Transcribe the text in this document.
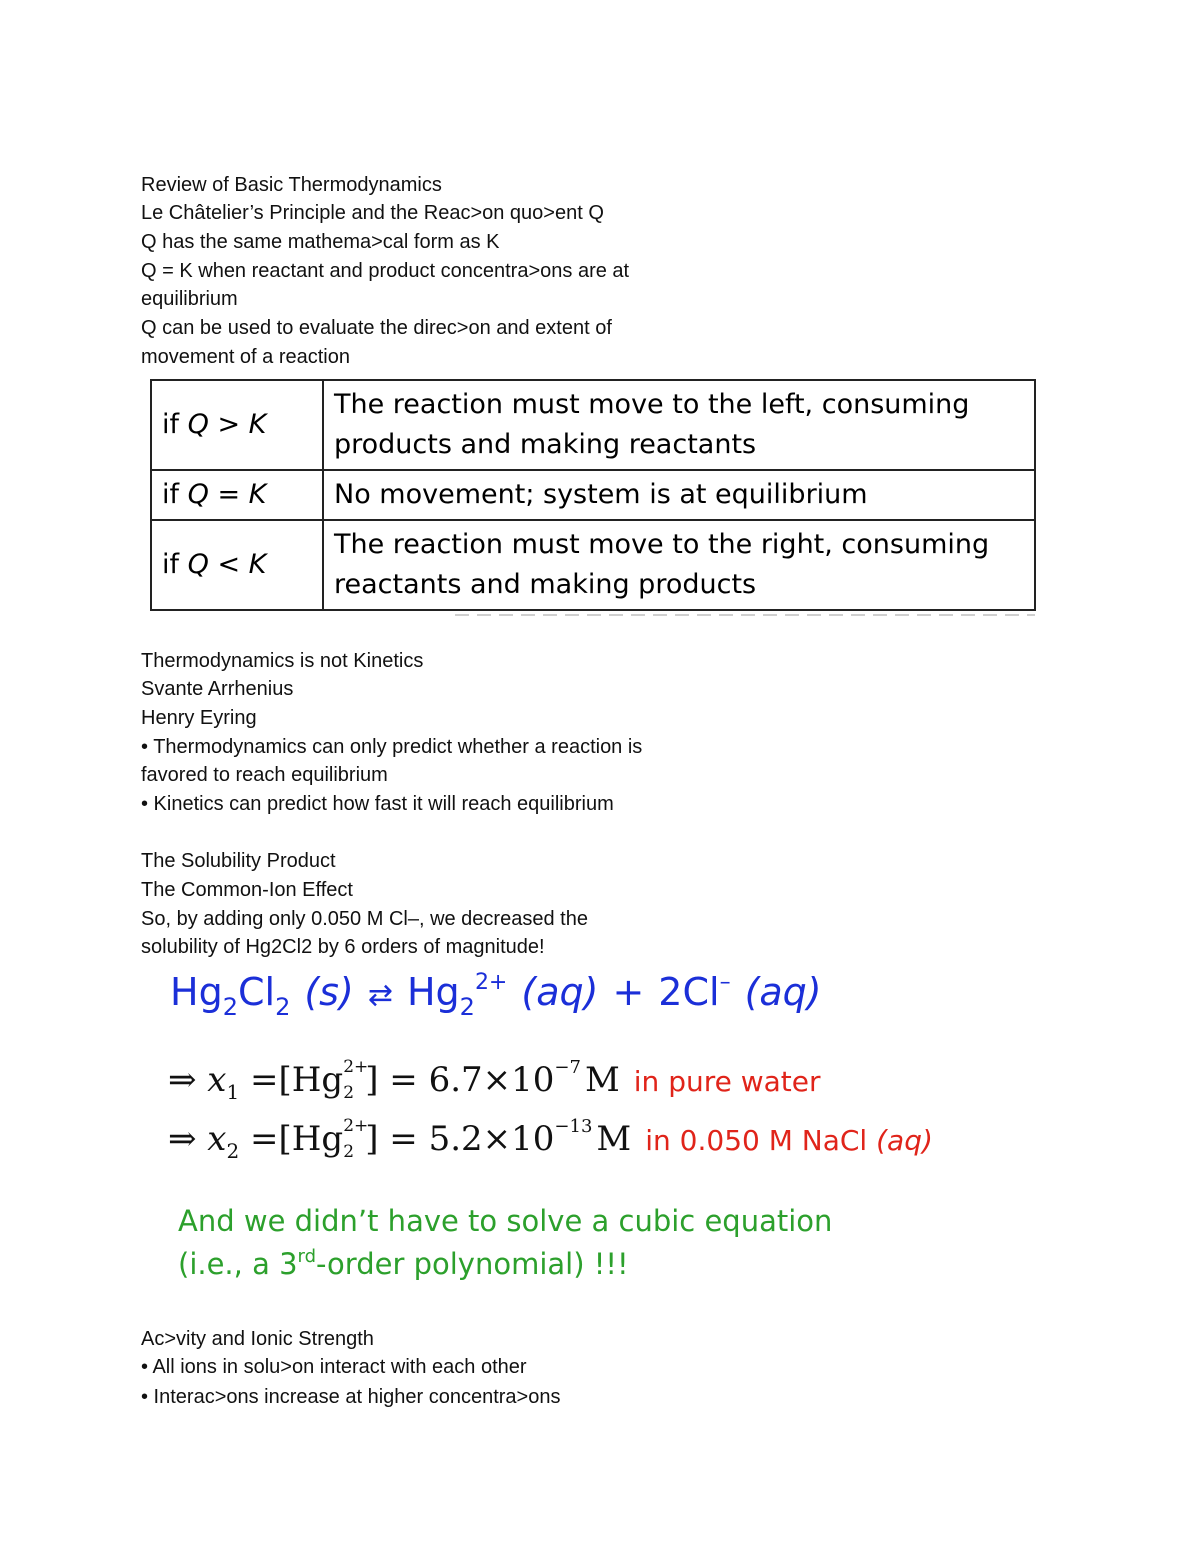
Review of Basic Thermodynamics
Le Châtelier’s Principle and the Reac>on quo>ent Q
Q has the same mathema>cal form as K
Q = K when reactant and product concentra>ons are at
equilibrium
Q can be used to evaluate the direc>on and extent of
movement of a reaction
if Q > K	The reaction must move to the left, consuming
products and making reactants

if Q = K	No movement; system is at equilibrium

if Q < K	The reaction must move to the right, consuming
reactants and making products
Thermodynamics is not Kinetics
Svante Arrhenius
Henry Eyring
• Thermodynamics can only predict whether a reaction is
favored to reach equilibrium
• Kinetics can predict how fast it will reach equilibrium
The Solubility Product
The Common-Ion Effect
So, by adding only 0.050 M Cl–, we decreased the
solubility of Hg2Cl2 by 6 orders of magnitude!
$Hg_2Cl_2$ (s) ⇄ $Hg_2^{2+}$ (aq) + 2Cl– (aq)
⇒ $x_1 =[Hg$ 2+
2 ] = $6.7\times 10^{-7}$ M in pure water
⇒ $x_2 =[Hg$ 2+
2 ] = $5.2\times 10^{-13}$ M in 0.050 M NaCl (aq)
And we didn’t have to solve a cubic equation
(i.e., a 3rd-order polynomial) !!!
Ac>vity and Ionic Strength
• All ions in solu>on interact with each other
• Interac>ons increase at higher concentra>ons
